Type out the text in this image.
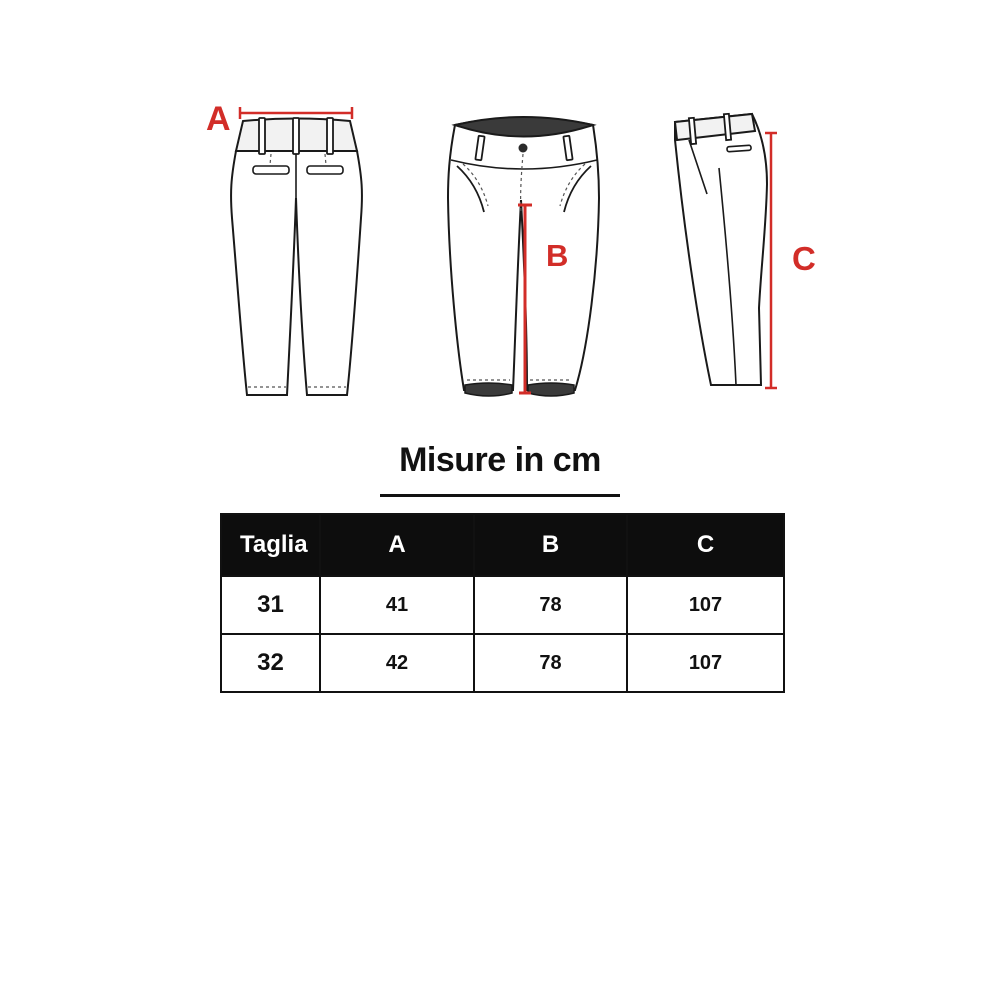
A
B	C
Misure in cm
Taglia	A	B	C
31	41	78	107
32	42	78	107
